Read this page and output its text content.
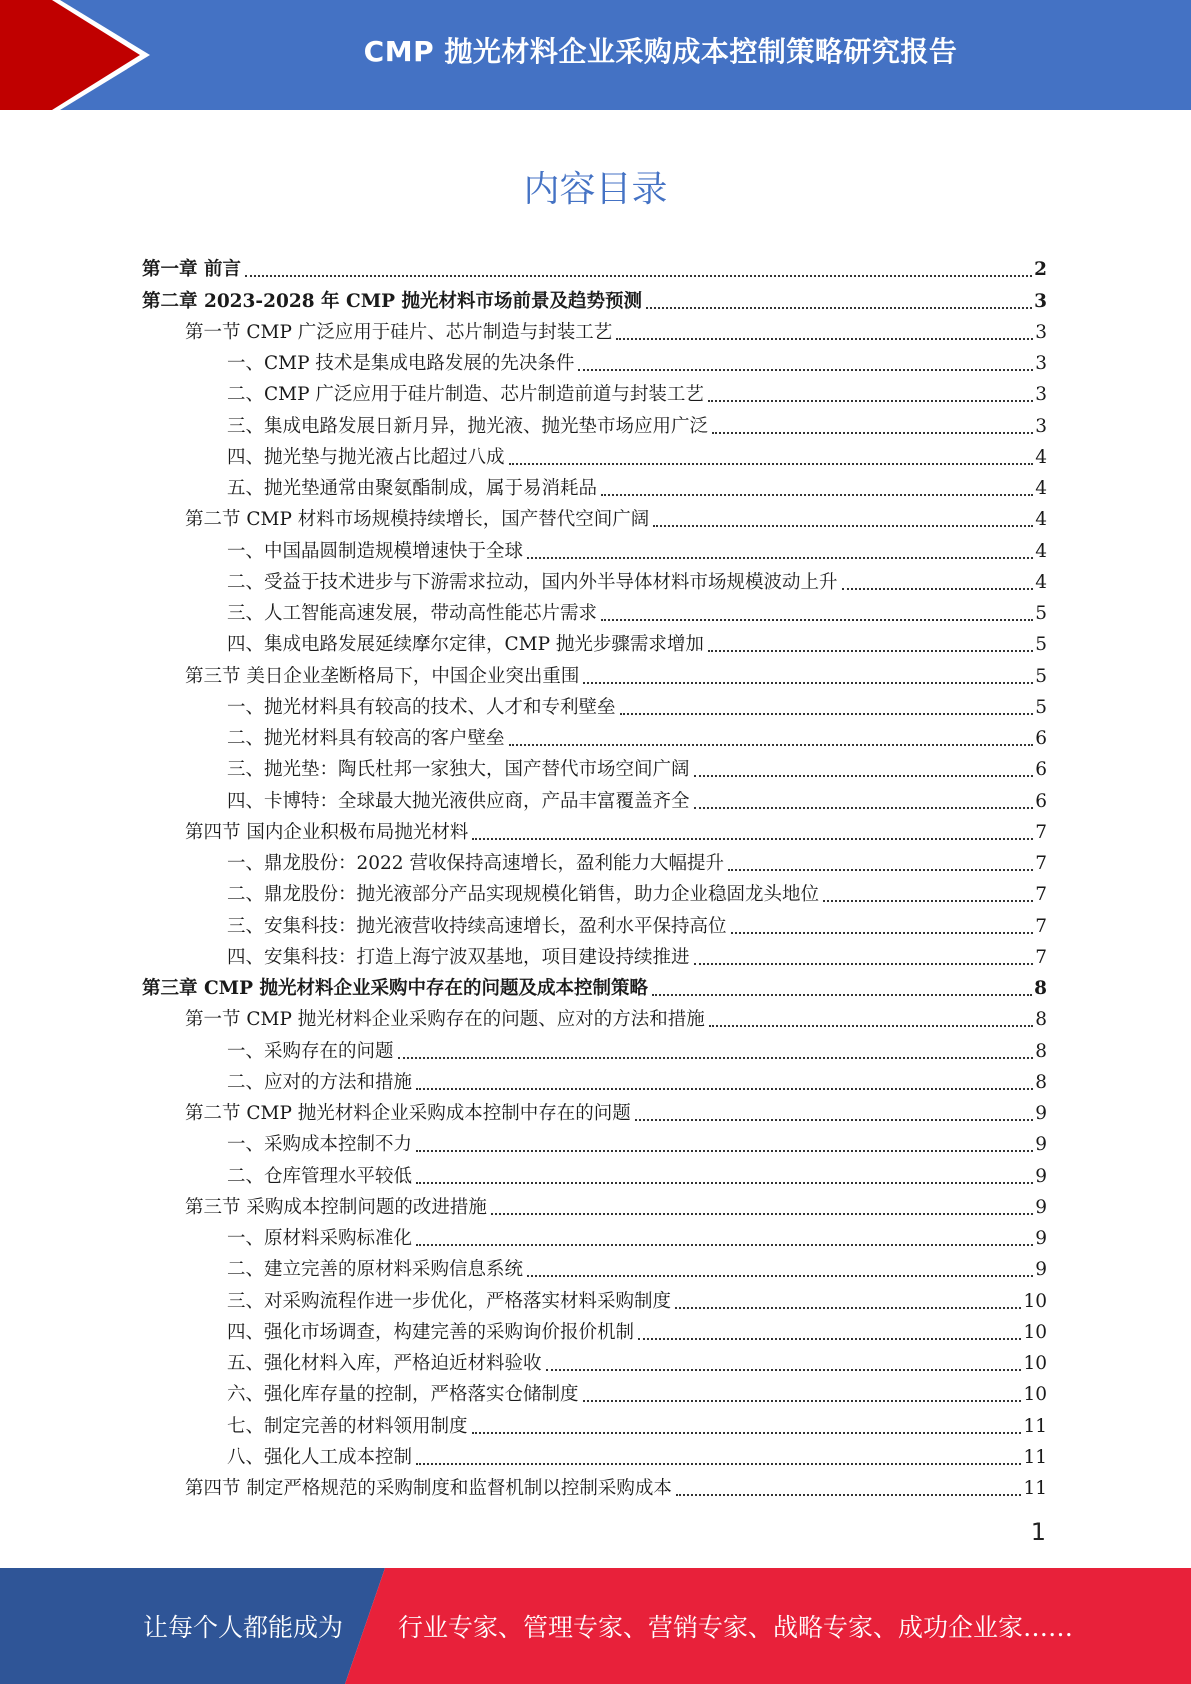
CMP 抛光材料企业采购成本控制策略研究报告
内容目录
第一章 前言	2
第二章 2023-2028 年 CMP 抛光材料市场前景及趋势预测	3
第一节 CMP 广泛应用于硅片、芯片制造与封装工艺	3
一、CMP 技术是集成电路发展的先决条件	3
二、CMP 广泛应用于硅片制造、芯片制造前道与封装工艺	3
三、集成电路发展日新月异，抛光液、抛光垫市场应用广泛	3
四、抛光垫与抛光液占比超过八成	4
五、抛光垫通常由聚氨酯制成，属于易消耗品	4
第二节 CMP 材料市场规模持续增长，国产替代空间广阔	4
一、中国晶圆制造规模增速快于全球	4
二、受益于技术进步与下游需求拉动，国内外半导体材料市场规模波动上升	4
三、人工智能高速发展，带动高性能芯片需求	5
四、集成电路发展延续摩尔定律，CMP 抛光步骤需求增加	5
第三节 美日企业垄断格局下，中国企业突出重围	5
一、抛光材料具有较高的技术、人才和专利壁垒	5
二、抛光材料具有较高的客户壁垒	6
三、抛光垫：陶氏杜邦一家独大，国产替代市场空间广阔	6
四、卡博特：全球最大抛光液供应商，产品丰富覆盖齐全	6
第四节 国内企业积极布局抛光材料	7
一、鼎龙股份：2022 营收保持高速增长，盈利能力大幅提升	7
二、鼎龙股份：抛光液部分产品实现规模化销售，助力企业稳固龙头地位	7
三、安集科技：抛光液营收持续高速增长，盈利水平保持高位	7
四、安集科技：打造上海宁波双基地，项目建设持续推进	7
第三章 CMP 抛光材料企业采购中存在的问题及成本控制策略	8
第一节 CMP 抛光材料企业采购存在的问题、应对的方法和措施	8
一、采购存在的问题	8
二、应对的方法和措施	8
第二节 CMP 抛光材料企业采购成本控制中存在的问题	9
一、采购成本控制不力	9
二、仓库管理水平较低	9
第三节 采购成本控制问题的改进措施	9
一、原材料采购标准化	9
二、建立完善的原材料采购信息系统	9
三、对采购流程作进一步优化，严格落实材料采购制度	10
四、强化市场调查，构建完善的采购询价报价机制	10
五、强化材料入库，严格迫近材料验收	10
六、强化库存量的控制，严格落实仓储制度	10
七、制定完善的材料领用制度	11
八、强化人工成本控制	11
第四节 制定严格规范的采购制度和监督机制以控制采购成本	11
1
让每个人都能成为 行业专家、管理专家、营销专家、战略专家、成功企业家……
